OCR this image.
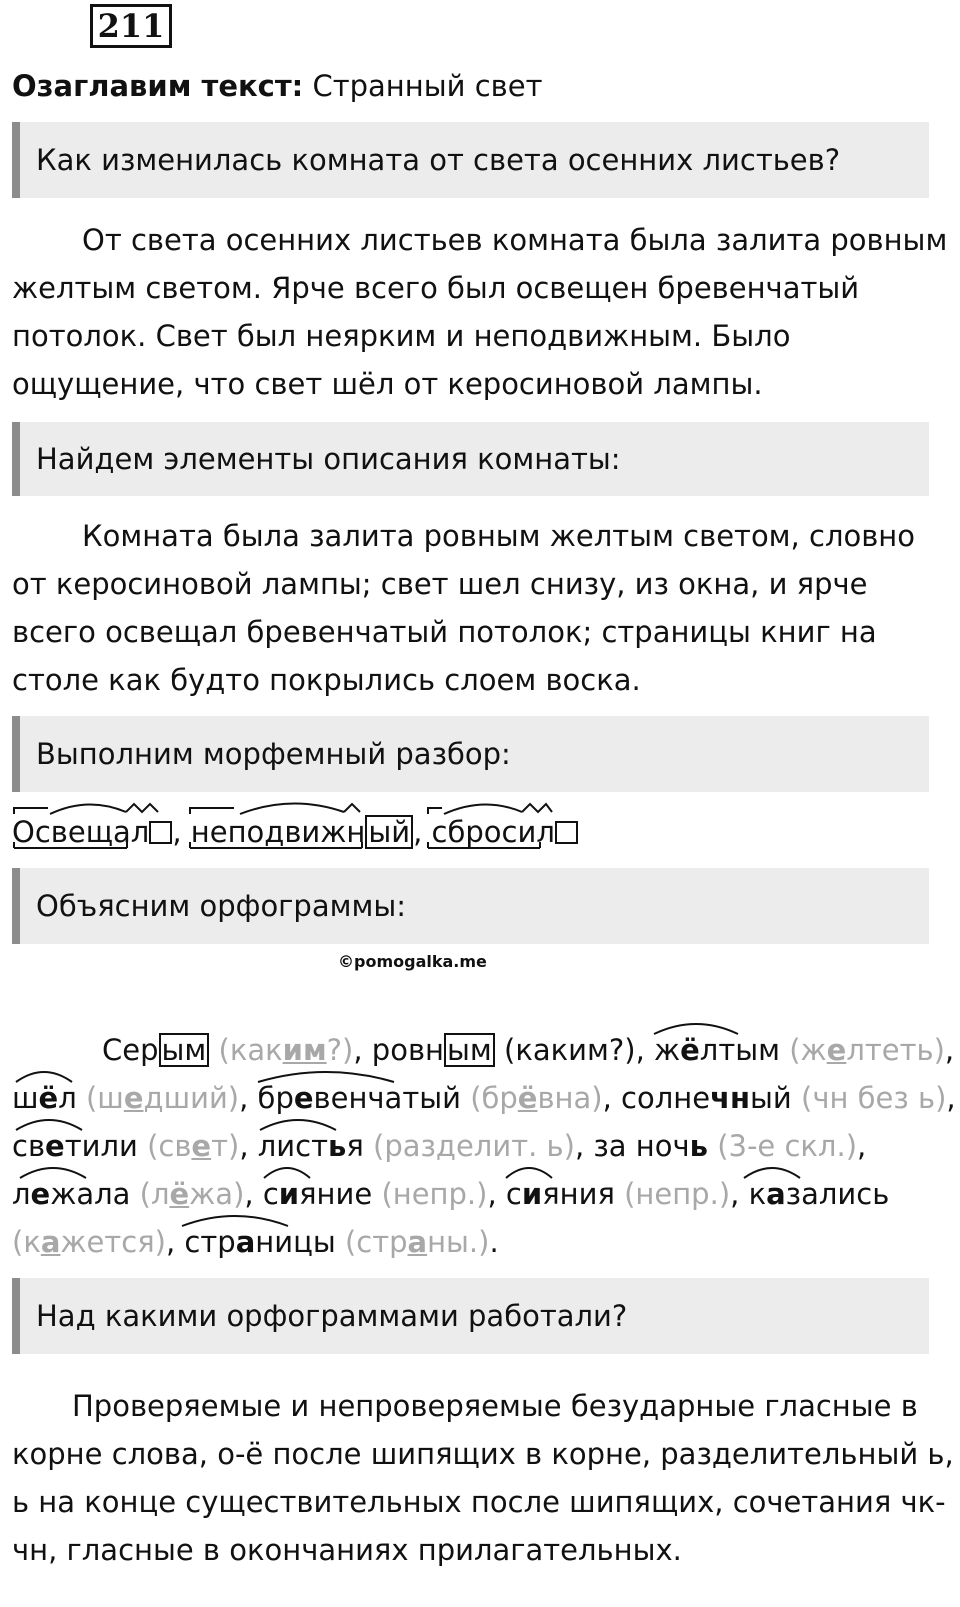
211
Озаглавим текст: Странный свет
Как изменилась комната от света осенних листьев?
От света осенних листьев комната была залита ровным
желтым светом. Ярче всего был освещен бревенчатый
потолок. Свет был неярким и неподвижным. Было
ощущение, что свет шёл от керосиновой лампы.
Найдем элементы описания комнаты:
Комната была залита ровным желтым светом, словно
от керосиновой лампы; свет шел снизу, из окна, и ярче
всего освещал бревенчатый потолок; страницы книг на
столе как будто покрылись слоем воска.
Выполним морфемный разбор:
Освещал , неподвижн ый , сбросил
Объясним орфограммы:
©pomogalka.me
Сер ым (каким?), ровн ым (каким?), жёлтым (желтеть),
шёл (шедший), бревенчатый (брёвна), солнечный (чн без ь),
светили (свет), листья (разделит. ь), за ночь (3-е скл.),
лежала (лёжа), сияние (непр.), сияния (непр.), казались
(кажется), страницы (страны.).
Над какими орфограммами работали?
Проверяемые и непроверяемые безударные гласные в
корне слова, о-ё после шипящих в корне, разделительный ь,
ь на конце существительных после шипящих, сочетания чк-
чн, гласные в окончаниях прилагательных.
